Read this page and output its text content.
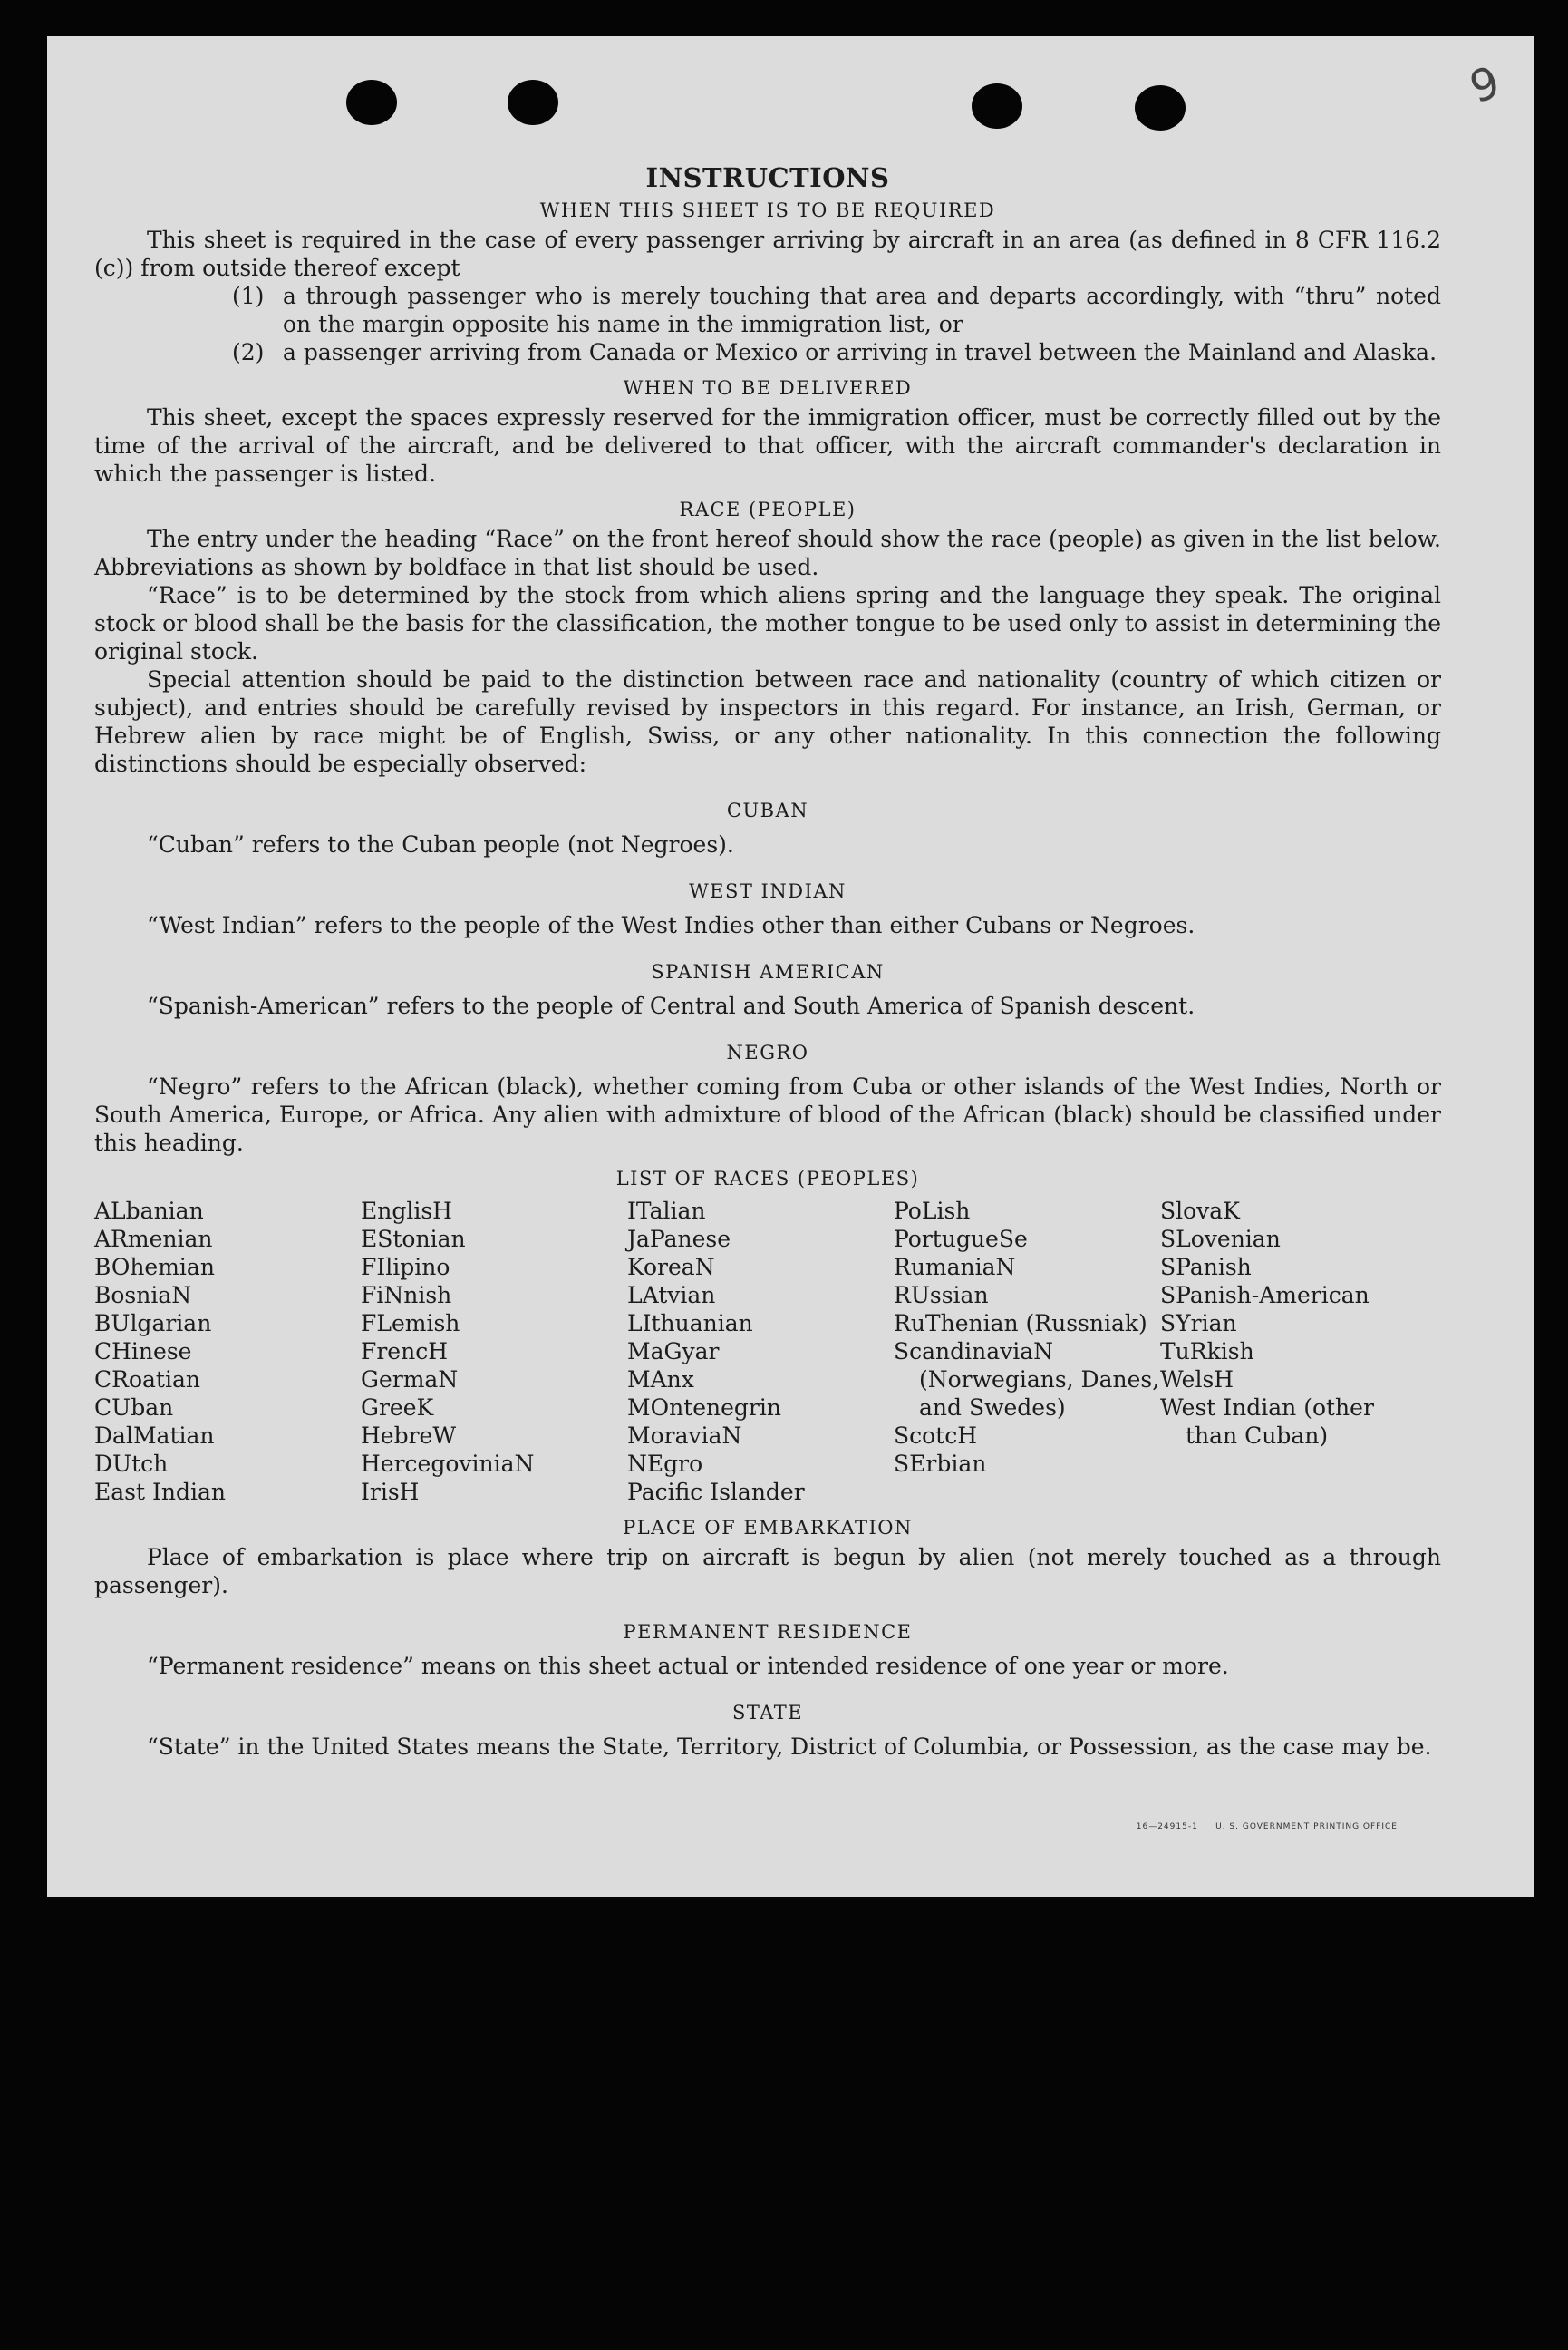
9
INSTRUCTIONS
WHEN THIS SHEET IS TO BE REQUIRED

This sheet is required in the case of every passenger arriving by aircraft in an area (as defined in 8 CFR 116.2 (c)) from outside thereof except

(1) a through passenger who is merely touching that area and departs accordingly, with “thru” noted on the margin opposite his name in the immigration list, or
(2) a passenger arriving from Canada or Mexico or arriving in travel between the Mainland and Alaska.
WHEN TO BE DELIVERED

This sheet, except the spaces expressly reserved for the immigration officer, must be correctly filled out by the time of the arrival of the aircraft, and be delivered to that officer, with the aircraft commander's declaration in which the passenger is listed.

RACE (PEOPLE)

The entry under the heading “Race” on the front hereof should show the race (people) as given in the list below. Abbreviations as shown by boldface in that list should be used.

“Race” is to be determined by the stock from which aliens spring and the language they speak. The original stock or blood shall be the basis for the classification, the mother tongue to be used only to assist in determining the original stock.

Special attention should be paid to the distinction between race and nationality (country of which citizen or subject), and entries should be carefully revised by inspectors in this regard. For instance, an Irish, German, or Hebrew alien by race might be of English, Swiss, or any other nationality. In this connection the following distinctions should be especially observed:

CUBAN

“Cuban” refers to the Cuban people (not Negroes).

WEST INDIAN

“West Indian” refers to the people of the West Indies other than either Cubans or Negroes.

SPANISH AMERICAN

“Spanish-American” refers to the people of Central and South America of Spanish descent.

NEGRO

“Negro” refers to the African (black), whether coming from Cuba or other islands of the West Indies, North or South America, Europe, or Africa. Any alien with admixture of blood of the African (black) should be classified under this heading.

LIST OF RACES (PEOPLES)
ALbanian
ARmenian
BOhemian
BosniaN
BUlgarian
CHinese
CRoatian
CUban
DalMatian
DUtch
East Indian
EnglisH
EStonian
FIlipino
FiNnish
FLemish
FrencH
GermaN
GreeK
HebreW
HercegoviniaN
IrisH
ITalian
JaPanese
KoreaN
LAtvian
LIthuanian
MaGyar
MAnx
MOntenegrin
MoraviaN
NEgro
Pacific Islander
PoLish
PortugueSe
RumaniaN
RUssian
RuThenian (Russniak)
ScandinaviaN (Norwegians, Danes, and Swedes)
ScotcH
SErbian
SlovaK
SLovenian
SPanish
SPanish-American
SYrian
TuRkish
WelsH
West Indian (other than Cuban)
PLACE OF EMBARKATION

Place of embarkation is place where trip on aircraft is begun by alien (not merely touched as a through passenger).

PERMANENT RESIDENCE

“Permanent residence” means on this sheet actual or intended residence of one year or more.

STATE

“State” in the United States means the State, Territory, District of Columbia, or Possession, as the case may be.

16—24915-1 U. S. GOVERNMENT PRINTING OFFICE
